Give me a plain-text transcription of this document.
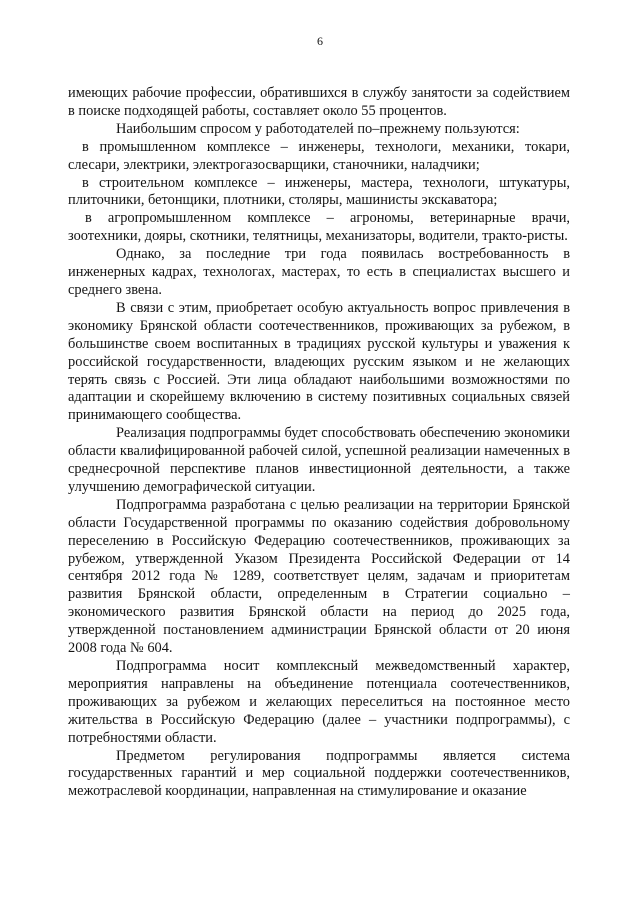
6

имеющих рабочие профессии, обратившихся в службу занятости за содействием в поиске подходящей работы, составляет около 55 процентов.

Наибольшим спросом у работодателей по–прежнему пользуются:

в промышленном комплексе – инженеры, технологи, механики, токари, слесари, электрики, электрогазосварщики, станочники, наладчики;

в строительном комплексе – инженеры, мастера, технологи, штукатуры, плиточники, бетонщики, плотники, столяры, машинисты экскаватора;

в агропромышленном комплексе – агрономы, ветеринарные врачи, зоотехники, дояры, скотники, телятницы, механизаторы, водители, тракто-ристы.

Однако, за последние три года появилась востребованность в инженерных кадрах, технологах, мастерах, то есть в специалистах высшего и среднего звена.

В связи с этим, приобретает особую актуальность вопрос привлечения в экономику Брянской области соотечественников, проживающих за рубежом, в большинстве своем воспитанных в традициях русской культуры и уважения к российской государственности, владеющих русским языком и не желающих терять связь с Россией. Эти лица обладают наибольшими возможностями по адаптации и скорейшему включению в систему позитивных социальных связей принимающего сообщества.

Реализация подпрограммы будет способствовать обеспечению экономики области квалифицированной рабочей силой, успешной реализации намеченных в среднесрочной перспективе планов инвестиционной деятельности, а также улучшению демографической ситуации.

Подпрограмма разработана с целью реализации на территории Брянской области Государственной программы по оказанию содействия добровольному переселению в Российскую Федерацию соотечественников, проживающих за рубежом, утвержденной Указом Президента Российской Федерации от 14 сентября 2012 года № 1289, соответствует целям, задачам и приоритетам развития Брянской области, определенным в Стратегии социально – экономического развития Брянской области на период до 2025 года, утвержденной постановлением администрации Брянской области от 20 июня 2008 года № 604.

Подпрограмма носит комплексный межведомственный характер, мероприятия направлены на объединение потенциала соотечественников, проживающих за рубежом и желающих переселиться на постоянное место жительства в Российскую Федерацию (далее – участники подпрограммы), с потребностями области.

Предметом регулирования подпрограммы является система государственных гарантий и мер социальной поддержки соотечественников, межотраслевой координации, направленная на стимулирование и оказание
